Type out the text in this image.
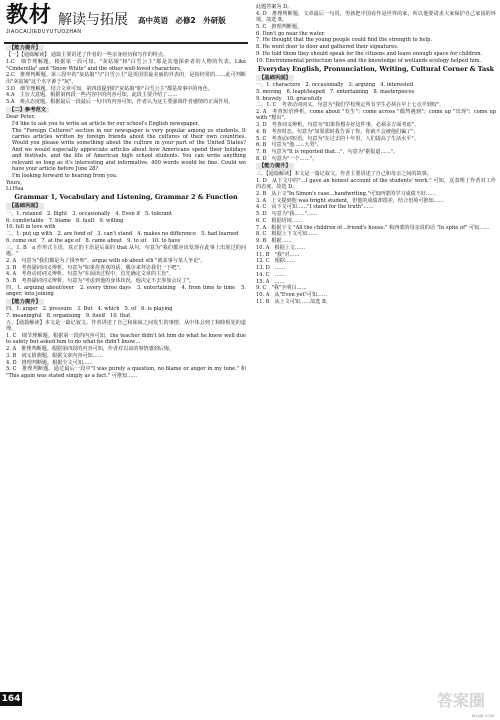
教材 解读与拓展
JIAOCAIJIEDUYUTUOZHAN
高中英语　必修2　外研版
【能力提升】

【一】【通篇解读】 通篇主要讲述了作者的一些亲身经历和写作的特点。

1.C　细节理解题。根据第一段可知，"灰姑娘"和"白雪公主"都是其他探索者的人物的代表。Like "Cinderella" and "Snow White" and the other well-loved characters。

2.C　推理判断题。第三段中的"灰姑娘"与"白雪公主"是英国里最美丽的外表的，是指经常的……此可判断出"灰姑娘"这个名字源于"灰"。

3.D　细节理解题。结合文章可知，第四段提到的"灰姑娘"和"白雪公主"都是故事中的角色。

4.A　主旨大意题。根据第四段一些内容中的内容可知，此段主要介绍了……

5.A　观点态度题。根据最后一段最后一句中的内容可知，作者认为这主要强调作者感情的正面作用。

【二】参考范文

Dear Peter,

I'd like to ask you to write an article for our school's English newspaper.

The "Foreign Cultures" section in our newspaper is very popular among us students. It carries articles written by foreign friends about the cultures of their own countries. Would you please write something about the culture in your part of the United States? And we would especially appreciate articles about how Americans spend their holidays and festivals, and the life of American high school students. You can write anything relevant so long as it's interesting and informative. 400 words would be fine. Could we have your article before June 28?

I'm looking forward to hearing from you.

Yours,

Li Hua

Grammar 1, Vocabulary and Listening, Grammar 2 & Function
【基础巩固】

一、1. relaxed　2. flight　3. occasionally　4. Even if　5. tolerant

6. comfortable　7. blame　8. fault　9. willing

10. fell in love with

二、1. put up with　2. are fond of　3. can't stand　4. makes no difference　5. had learned

6. come out　7. at the age of　8. came about　9. to sit　10. to have

三、1. B　a 作形式主语，真正的主语是后面的 that 从句。句意为"我们都应该发现在此事上出现过的问题。"

2. A　句意为"我们都是为了钱争吵"，argue with sb about sth "就某事与某人争论"。

3. B　考查副词词义辨析。句意为"如果你喜欢的话，偶尔来拜访我们一下吧"。

4. A　考查动词词义辨析。句意为"在阅读过程中，首先确定文章的主旨"。

5. B　考查副词词义辨析。句意为"考虑到他的身体状况，他决定不去参加会议了"。

四、1. arguing about/over　2. every three days　3. entertaining　4. from time to time　5. anger; into joining

【能力提升】

四、1. anger　2. pressure　3. But　4. which　5. of　6. is playing

7. meaningful　8. organising　9. itself　10. that

五、【通篇解读】本文是一篇记叙文。作者讲述了自己和妹妹之间发生的事情，从中体会到了和睦相处的道理。

1. C　细节理解题。根据第一段的内容可知，the teacher didn't let him do what he knew well due to safety but asked him to do what he didn't know…

2. A　推理判断题。根据第四段的内容可知，作者对以前的事情感到后悔。

3. B　词义猜测题。根据文章内容可知……

4. D　推理判断题。根据全文可知……

5. C　推理判断题。通过最后一段中"I was purely a question, no blame or anger in my tone." 和 "This again was stated simply as a fact." 可推知……

此题答案为 D。

4. D　推理判断题。文章最后一句说，男孩把中国看作是世界的家，所以他要请求大家保护自己家园的环境，故选 B。

5. C　推理判断题。

6. Don't go near the water.

7. He thought that the young people could find the strength to help.

8. He went door to door and gathered their signatures.

9. He told them they should speak for the citizens and leave enough space for children.

10. Environmental protection laws and the knowledge of wetlands ecology helped him.

Everyday English, Pronunciation, Writing, Cultural Corner & Task
【基础巩固】

一、1. characters　2. occasionally　3. arguing　4. interested

5. moving　6. leapt/leaped　7. entertaining　8. masterpieces

9. bravely　10. gracefully

二、1. C　考查动词词义。句意为"我们学校规定所有学生必须在早上七点半到校"。

2. A　考查短语辨析。come about "发生"；come across "偶然遇到"；come up "出现"；come up with "想出"。

3. D　考查词义辨析。句意为"如果你想办好这件事，必须多方面考虑"。

4. B　考查时态。句意为"如果那时我告诉了你，你就不会被他们骗了"。

5. C　考查动词短语。句意为"在过去的十年里，人们提高了生活水平"。

6. B　句意为"他……大哭"。

7. B　句意为"It is reported that…"，句意为"据报道……"。

8. D　句意为"一个……"。

【能力提升】

三、【通篇解读】本文是一篇记叙文。作者主要讲述了自己和母亲之间的故事。

1. D　从下文中的"…I gave an honest account of the students' work." 可知，这表明了作者对工作的态度，故选 D。

2. B　从上文"In Simon's case…handwriting."可知西蒙的学习成绩不好……

3. A　上文提到他 was bright student，但他的成绩却很差，结合语境可推知……

4. C　由下文可知……"I stand for the truth"……

5. D　句意为"我……"……

6. C　根据语境……

7. A　根据下文 "All the children of…friend's house." 和西蒙的母亲说的话 "In spite of" 可知……

8. C　根据上下文可知……

9. B　根据……

10. A　根据上文……

11. B　"我"对……

12. C　根据……

13. D　……

14. C　……

15. A　……

9. C　"我"全明白……

10. A　从"Even yet"可知……

11. B　从上文可知……故选 B。

164	答案圈
MXQE.COM
